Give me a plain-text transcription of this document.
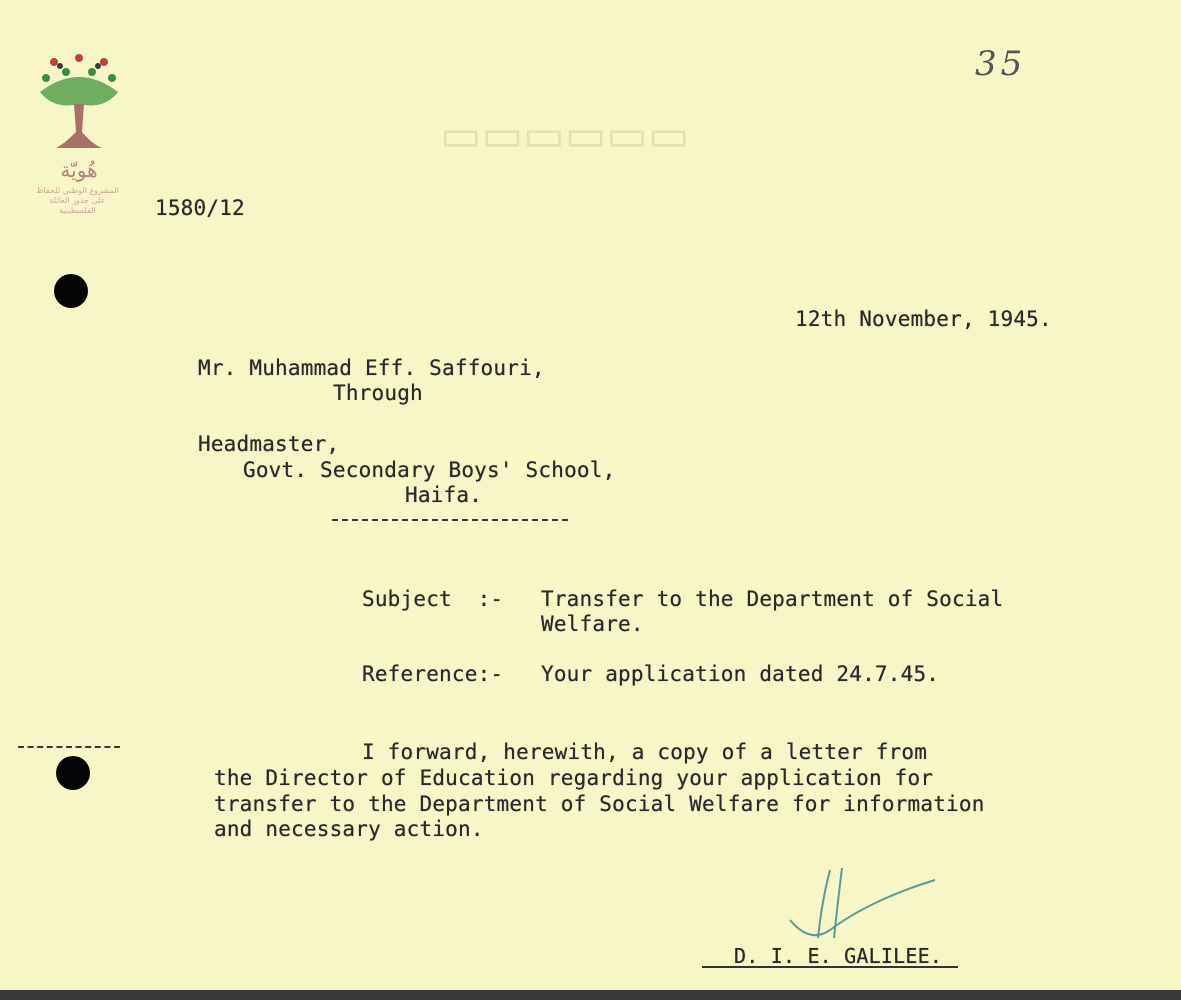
▭▭▭▭▭▭
هُويّة
المشروع الوطني للحفاظ على جذور العائلة الفلسطينية
35
1580/12
12th November, 1945.
Mr. Muhammad Eff. Saffouri,
Through
Headmaster,
Govt. Secondary Boys' School,
Haifa.
Subject  :- Transfer to the Department of Social
Welfare.
Reference:- Your application dated 24.7.45.
I forward, herewith, a copy of a letter from
the Director of Education regarding your application for
transfer to the Department of Social Welfare for information
and necessary action.
D. I. E. GALILEE.
